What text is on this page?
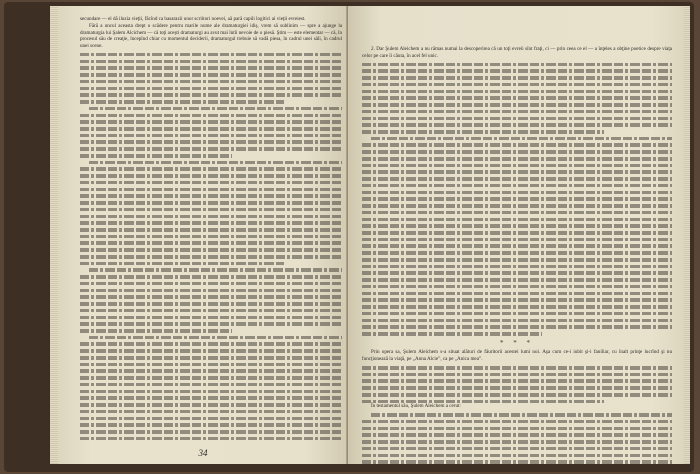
secundare — el dă iluzia vieţii, făcînd ca basarazii unor scriitori noevei, aă pară capili logitici ai vieţii evreiest.

Fără a uncul aceasta drept o scădere pentru marile nume ale dramaturgiei idiș, vrem să sublinim — spre a ajunge la dramaturgia lui Şalem Alcichem — că toţi acești dramaturgi au avut mai întîi nevoie de o piesă. Ştim — este elementar — că, în procesul său de creaţie, începînd chiar cu momentul deciderii, dramaturgul trebuie să vadă piesa, în cadrul unei săli, în cadrul unei scene.

34

2. Dar Şulem Aleichem a nu rămas numai la descoperirea că un toţi evreii sînt fraţi, ci — prin ceea ce el — a înţeles a obţine poetice despre viaţa celor pe care îi căuta, în acel fel unic.

* * *

Prin opera sa, Şulem Aleichem s-a situat alături de făuritorii acestei lumi noi. Aşa cum ce-i iubit şi-i faniliar, cu înalt prinţe lucrînd şi nu funcţionează la viaţă, pe „Anna Alcie”, ca pe „Anica mea”.

În testamentul său, Şulem Aleichem a cerut:
